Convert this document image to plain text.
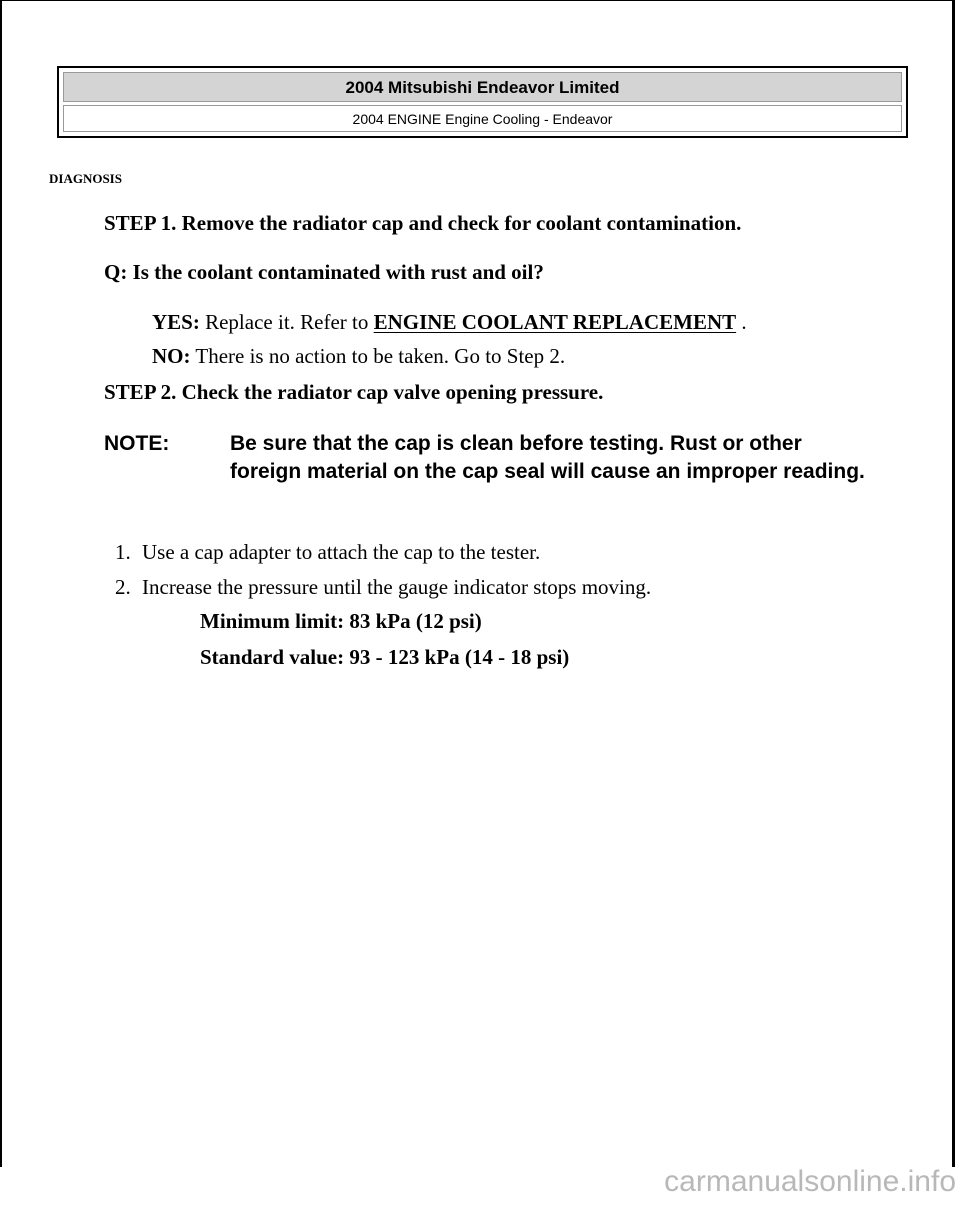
2004 Mitsubishi Endeavor Limited
2004 ENGINE Engine Cooling - Endeavor
DIAGNOSIS
STEP 1. Remove the radiator cap and check for coolant contamination.
Q: Is the coolant contaminated with rust and oil?
YES: Replace it. Refer to ENGINE COOLANT REPLACEMENT .
NO: There is no action to be taken. Go to Step 2.
STEP 2. Check the radiator cap valve opening pressure.
NOTE:	Be sure that the cap is clean before testing. Rust or other foreign material on the cap seal will cause an improper reading.
1. Use a cap adapter to attach the cap to the tester.
2. Increase the pressure until the gauge indicator stops moving.
Minimum limit: 83 kPa (12 psi)
Standard value: 93 - 123 kPa (14 - 18 psi)
carmanualsonline.info
